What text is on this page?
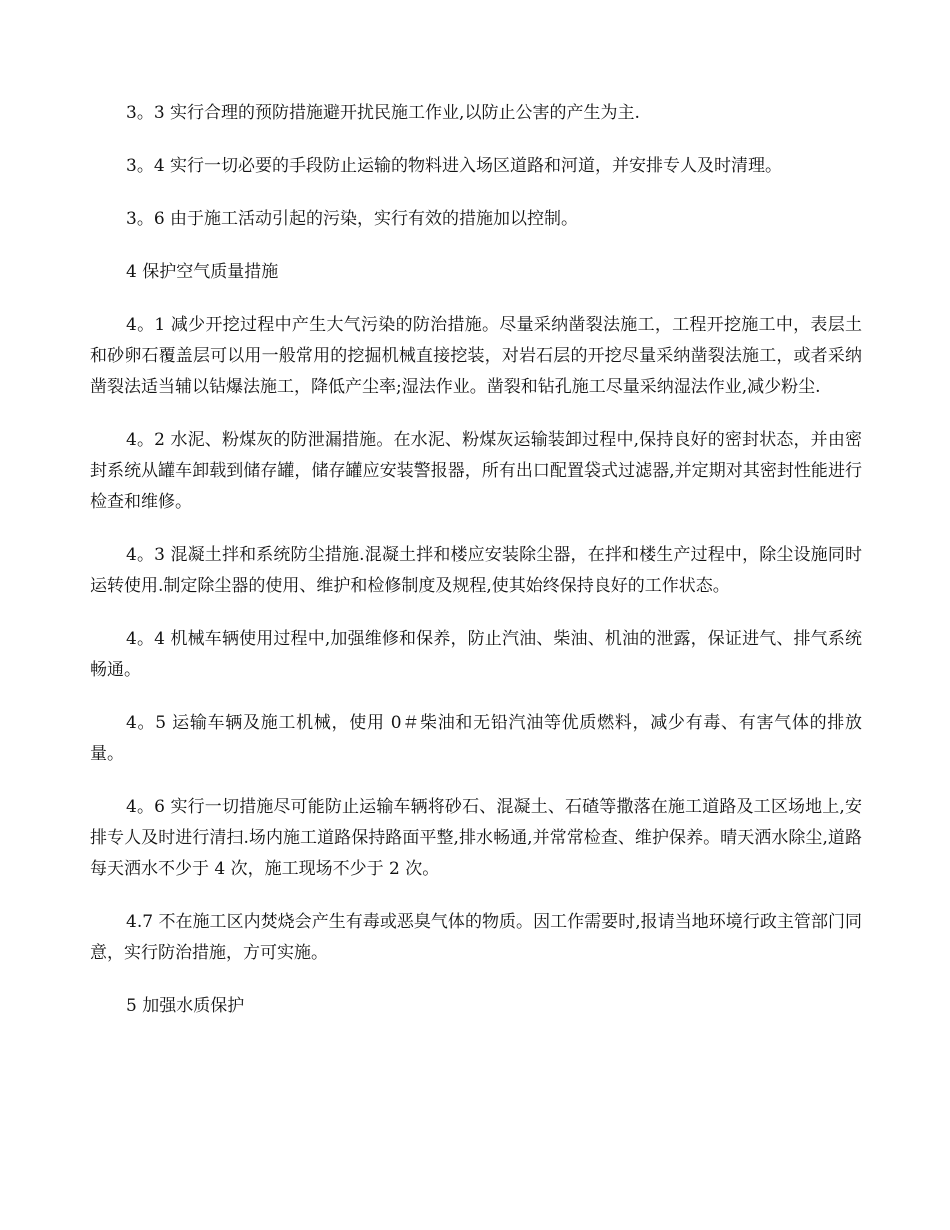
3。3 实行合理的预防措施避开扰民施工作业,以防止公害的产生为主.

3。4 实行一切必要的手段防止运输的物料进入场区道路和河道，并安排专人及时清理。

3。6 由于施工活动引起的污染，实行有效的措施加以控制。

4 保护空气质量措施

4。1 减少开挖过程中产生大气污染的防治措施。尽量采纳凿裂法施工，工程开挖施工中，表层土和砂卵石覆盖层可以用一般常用的挖掘机械直接挖装，对岩石层的开挖尽量采纳凿裂法施工，或者采纳凿裂法适当辅以钻爆法施工，降低产尘率;湿法作业。凿裂和钻孔施工尽量采纳湿法作业,减少粉尘.

4。2 水泥、粉煤灰的防泄漏措施。在水泥、粉煤灰运输装卸过程中,保持良好的密封状态，并由密封系统从罐车卸载到储存罐，储存罐应安装警报器，所有出口配置袋式过滤器,并定期对其密封性能进行检查和维修。

4。3 混凝土拌和系统防尘措施.混凝土拌和楼应安装除尘器，在拌和楼生产过程中，除尘设施同时运转使用.制定除尘器的使用、维护和检修制度及规程,使其始终保持良好的工作状态。

4。4 机械车辆使用过程中,加强维修和保养，防止汽油、柴油、机油的泄露，保证进气、排气系统畅通。

4。5 运输车辆及施工机械，使用 0＃柴油和无铅汽油等优质燃料，减少有毒、有害气体的排放量。

4。6 实行一切措施尽可能防止运输车辆将砂石、混凝土、石碴等撒落在施工道路及工区场地上,安排专人及时进行清扫.场内施工道路保持路面平整,排水畅通,并常常检查、维护保养。晴天洒水除尘,道路每天洒水不少于 4 次，施工现场不少于 2 次。

4.7 不在施工区内焚烧会产生有毒或恶臭气体的物质。因工作需要时,报请当地环境行政主管部门同意，实行防治措施，方可实施。

5 加强水质保护
